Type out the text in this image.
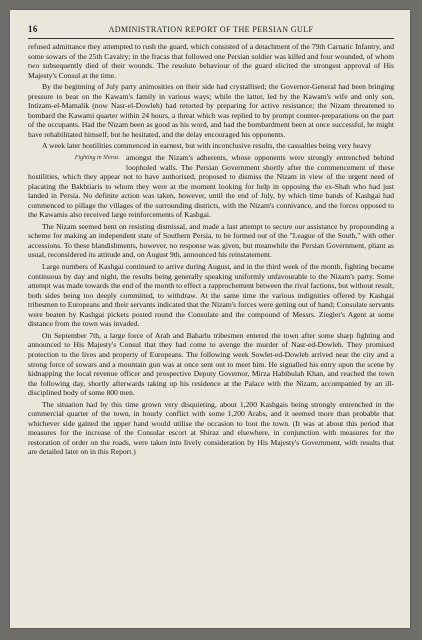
16	ADMINISTRATION REPORT OF THE PERSIAN GULF

refused admittance they attempted to rush the guard, which consisted of a detachment of the 79th Carnatic Infantry, and some sowars of the 25th Cavalry; in the fracas that followed one Persian soldier was killed and four wounded, of whom two subsequently died of their wounds. The resolute behaviour of the guard elicited the strongest approval of His Majesty's Consul at the time.

By the beginning of July party animosities on their side had crystallised; the Governor-General had been bringing pressure to bear on the Kawam's family in various ways; while the latter, led by the Kawam's wife and only son, Intizam-el-Mamalik (now Nasr-el-Dowleh) had retorted by preparing for active resistance; the Nizam threatened to bombard the Kawami quarter within 24 hours, a threat which was replied to by prompt counter-preparations on the part of the occupants. Had the Nizam been as good as his word, and had the bombardment been at once successful, he might have rehabilitated himself, but he hesitated, and the delay encouraged his opponents.

A week later hostilities commenced in earnest, but with inconclusive results, the casualties being very heavy

Fighting in Shiraz. amongst the Nizam's adherents, whose opponents were strongly entrenched behind loopholed walls. The Persian Government shortly after the commencement of these hostilities, which they appear not to have authorised, proposed to dismiss the Nizam in view of the urgent need of placating the Bakhtiaris to whom they were at the moment looking for help in opposing the ex-Shah who had just landed in Persia. No definite action was taken, however, until the end of July, by which time bands of Kashgai had commenced to pillage the villages of the surrounding districts, with the Nizam's connivance, and the forces opposed to the Kawamis also received large reinforcements of Kashgai.

The Nizam seemed bent on resisting dismissal, and made a last attempt to secure our assistance by propounding a scheme for making an independent state of Southern Persia, to be formed out of the "League of the South," with other accessions. To these blandishments, however, no response was given, but meanwhile the Persian Government, pliant as usual, reconsidered its attitude and, on August 9th, announced his reinstatement.

Large numbers of Kashgai continued to arrive during August, and in the third week of the month, fighting became continuous by day and night, the results being generally speaking uniformly unfavourable to the Nizam's party. Some attempt was made towards the end of the month to effect a rapprochement between the rival factions, but without result, both sides being too deeply committed, to withdraw. At the same time the various indignities offered by Kashgai tribesmen to Europeans and their servants indicated that the Nizam's forces were getting out of hand; Consulate servants were beaten by Kashgai pickets posted round the Consulate and the compound of Messrs. Ziegler's Agent at some distance from the town was invaded.

On September 7th, a large force of Arab and Baharlu tribesmen entered the town after some sharp fighting and announced to His Majesty's Consul that they had come to avenge the murder of Nasr-ed-Dowleh. They promised protection to the lives and property of Europeans. The following week Sowlet-ed-Dowleh arrived near the city and a strong force of sowars and a mountain gun was at once sent out to meet him. He signalled his entry upon the scene by kidnapping the local revenue officer and prospective Deputy Governor, Mirza Habibulah Khan, and reached the town the following day, shortly afterwards taking up his residence at the Palace with the Nizam, accompanied by an ill-disciplined body of some 800 men.

The situation had by this time grown very disquieting, about 1,200 Kashgais being strongly entrenched in the commercial quarter of the town, in hourly conflict with some 1,200 Arabs, and it seemed more than probable that whichever side gained the upper hand would utilise the occasion to loot the town. (It was at about this period that measures for the increase of the Consular escort at Shiraz and elsewhere, in conjunction with measures for the restoration of order on the roads, were taken into lively consideration by His Majesty's Government, with results that are detailed later on in this Report.)
